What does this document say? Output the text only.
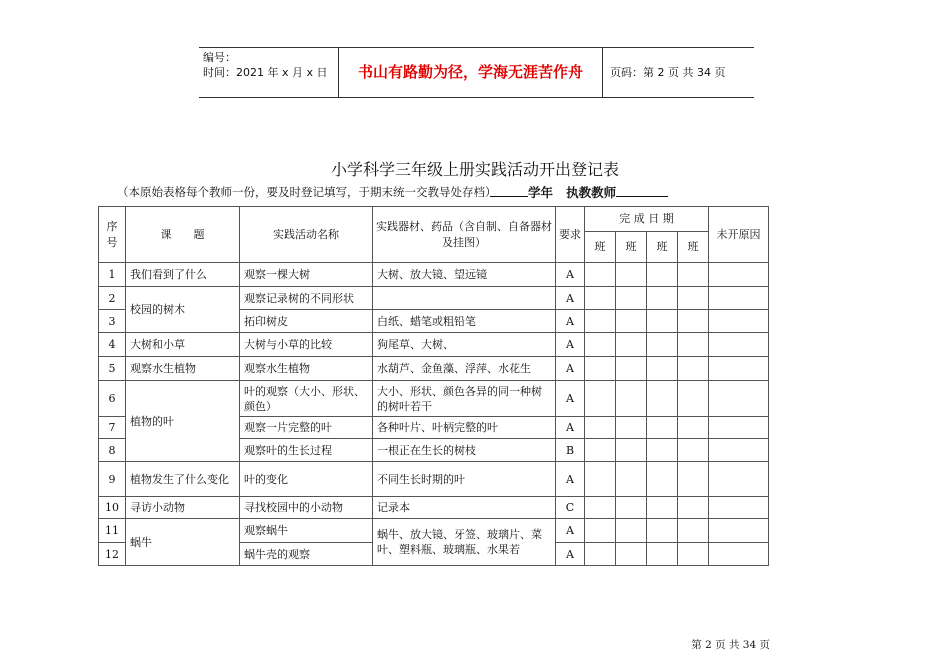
编号：
时间：2021 年 x 月 x 日	书山有路勤为径，学海无涯苦作舟	页码：第 2 页 共 34 页
小学科学三年级上册实践活动开出登记表
（本原始表格每个教师一份，要及时登记填写，于期末统一交教导处存档）	学年 执教教师
序号	课　　题	实践活动名称	实践器材、药品（含自制、自备器材及挂图）	要求	完 成 日 期				未开原因
					班	班	班	班	
1	我们看到了什么	观察一棵大树	大树、放大镜、望远镜	A					
2	校园的树木	观察记录树的不同形状		A					
3		拓印树皮	白纸、蜡笔或粗铅笔	A					
4	大树和小草	大树与小草的比较	狗尾草、大树、	A					
5	观察水生植物	观察水生植物	水葫芦、金鱼藻、浮萍、水花生	A					
6	植物的叶	叶的观察（大小、形状、颜色）	大小、形状、颜色各异的同一种树的树叶若干	A					
7		观察一片完整的叶	各种叶片、叶柄完整的叶	A					
8		观察叶的生长过程	一根正在生长的树枝	B					
9	植物发生了什么变化	叶的变化	不同生长时期的叶	A					
10	寻访小动物	寻找校园中的小动物	记录本	C					
11	蜗牛	观察蜗牛	蜗牛、放大镜、牙签、玻璃片、菜叶、塑料瓶、玻璃瓶、水果若	A					
12		蜗牛壳的观察		A					
第 2 页 共 34 页
